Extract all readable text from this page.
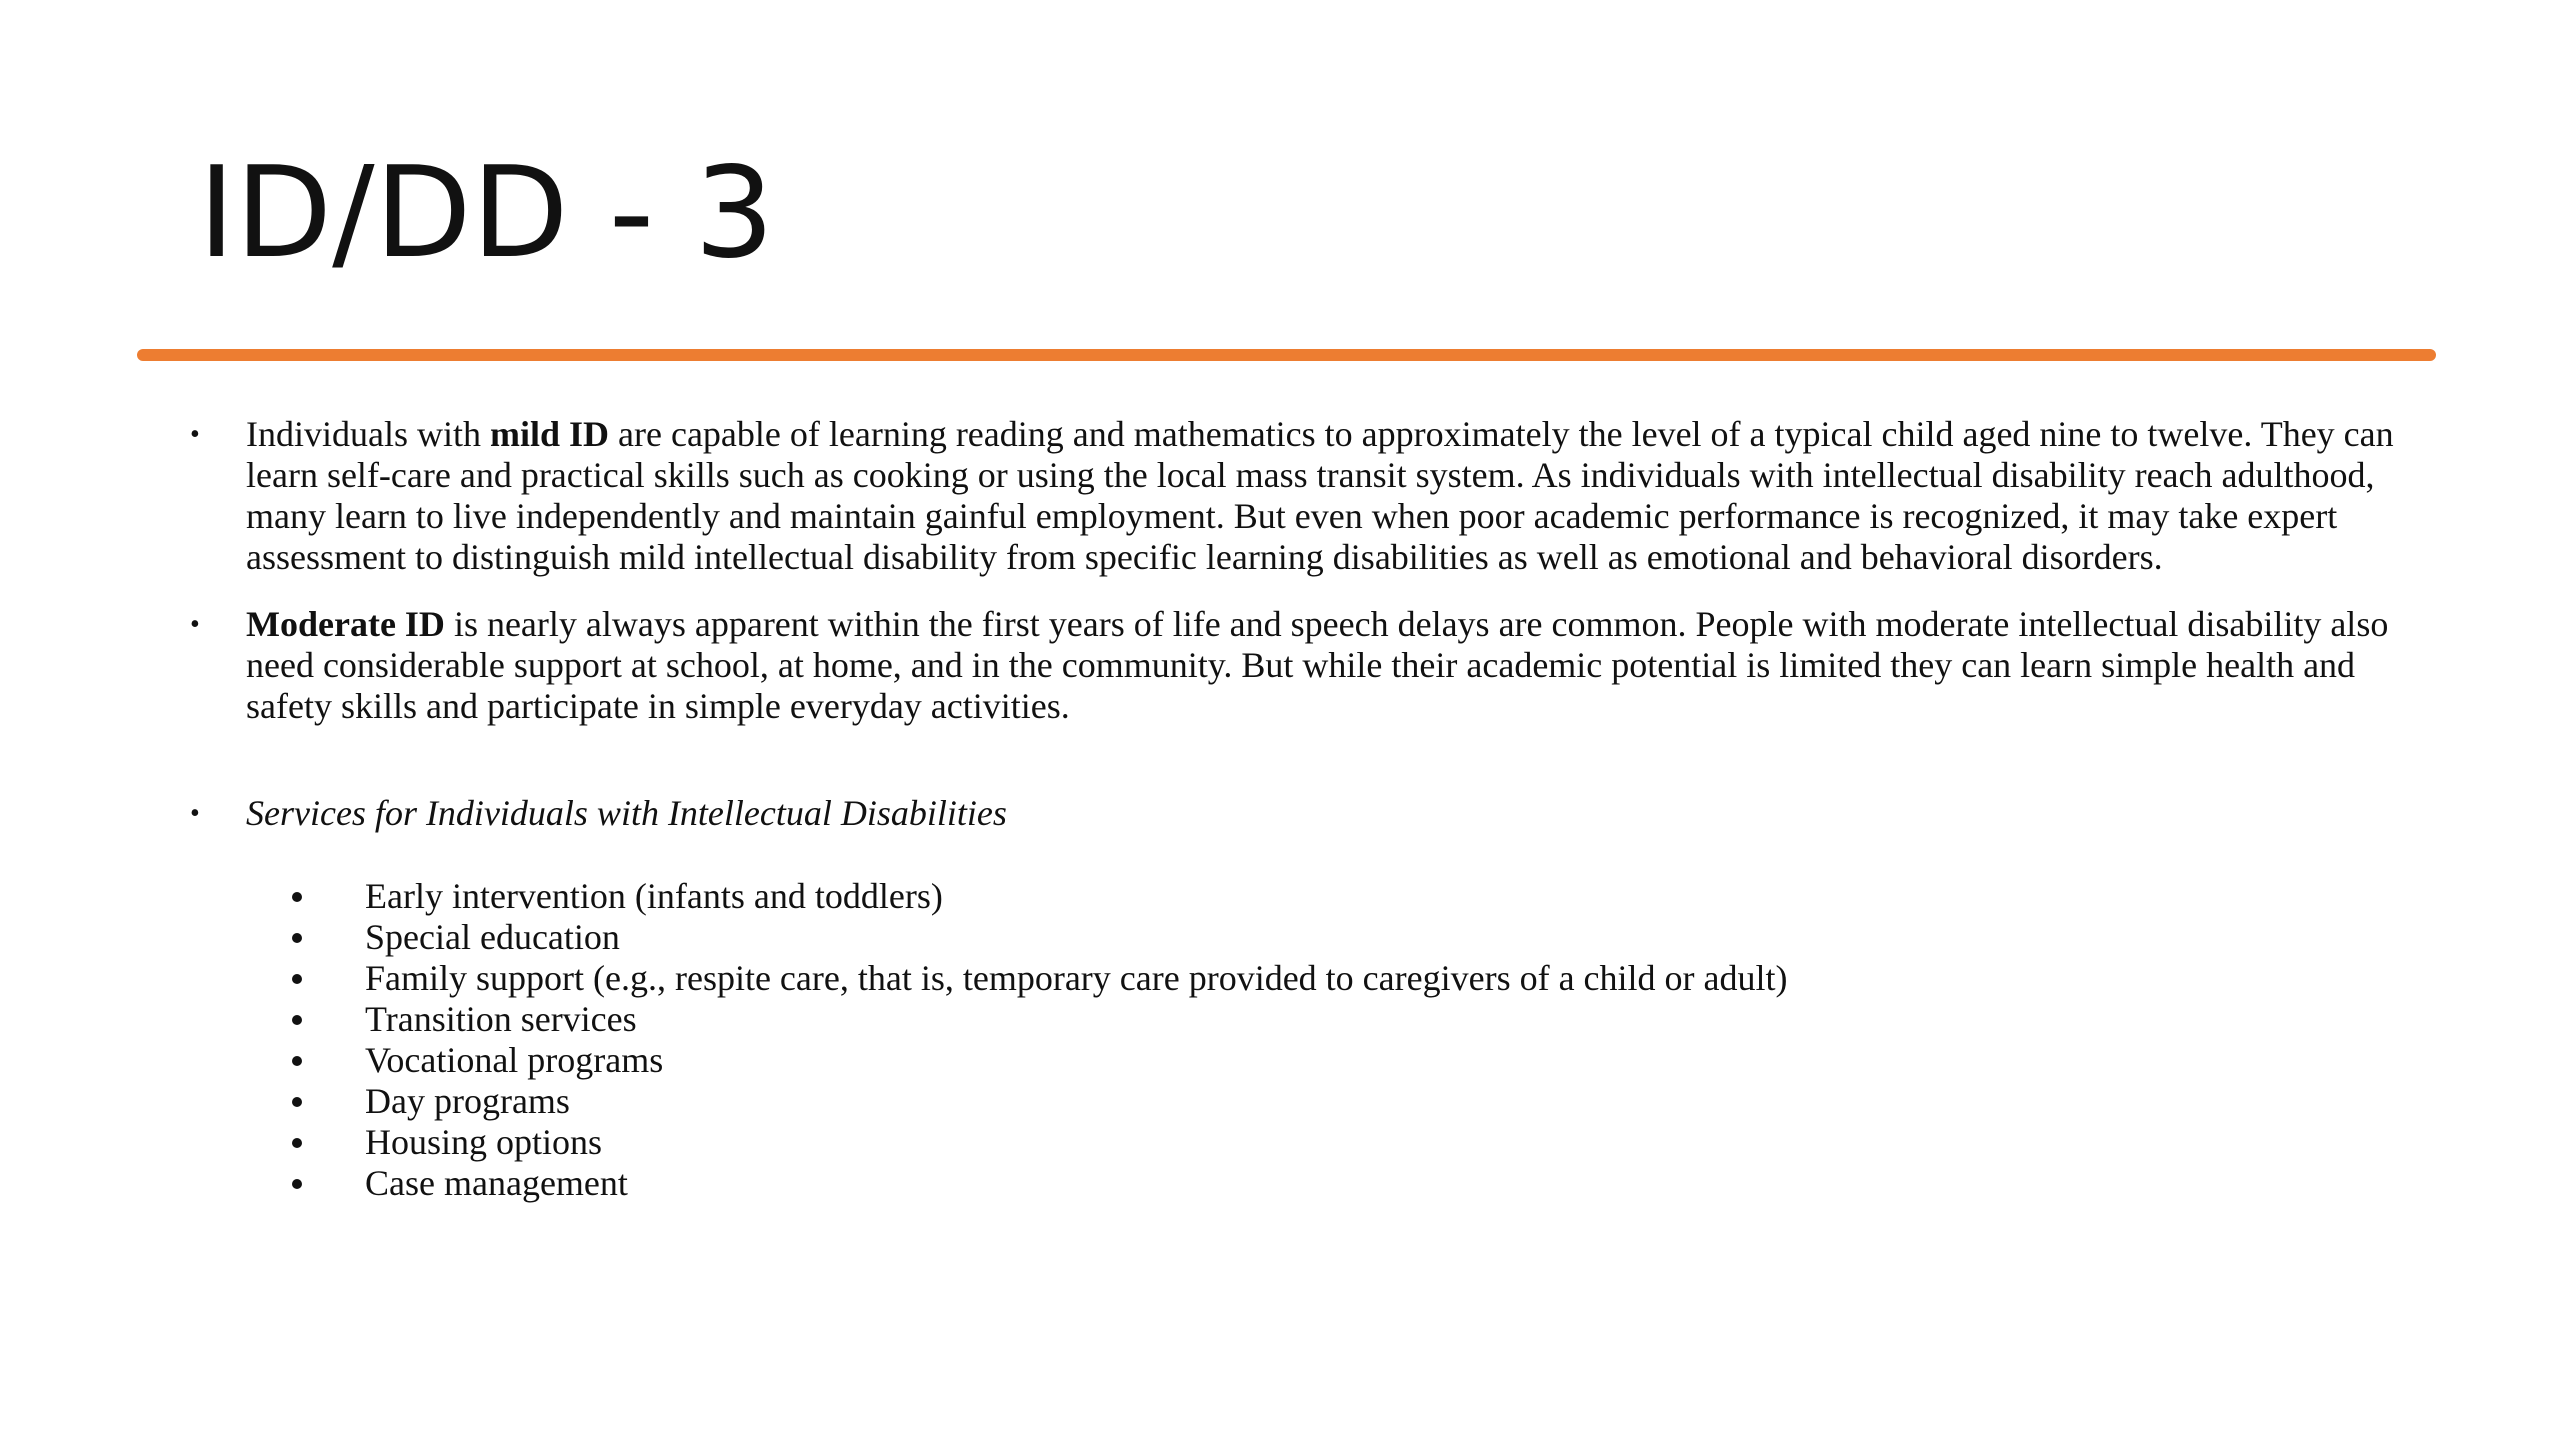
ID/DD - 3
•	Individuals with mild ID are capable of learning reading and mathematics to approximately the level of a typical child aged nine to twelve. They can learn self-care and practical skills such as cooking or using the local mass transit system. As individuals with intellectual disability reach adulthood, many learn to live independently and maintain gainful employment. But even when poor academic performance is recognized, it may take expert assessment to distinguish mild intellectual disability from specific learning disabilities as well as emotional and behavioral disorders.
•	Moderate ID is nearly always apparent within the first years of life and speech delays are common. People with moderate intellectual disability also need considerable support at school, at home, and in the community. But while their academic potential is limited they can learn simple health and safety skills and participate in simple everyday activities.
•	Services for Individuals with Intellectual Disabilities
Early intervention (infants and toddlers)
Special education
Family support (e.g., respite care, that is, temporary care provided to caregivers of a child or adult)
Transition services
Vocational programs
Day programs
Housing options
Case management
